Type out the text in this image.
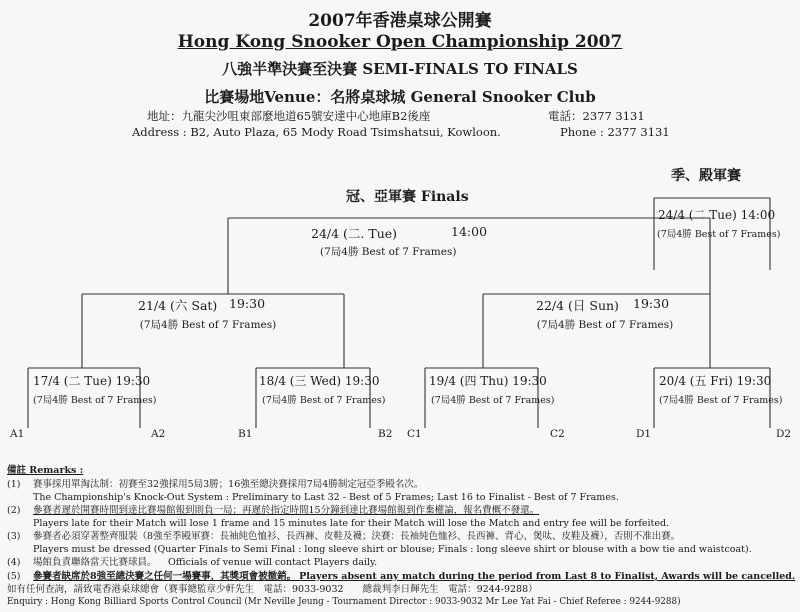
2007年香港桌球公開賽
Hong Kong Snooker Open Championship 2007
八強半準決賽至決賽 SEMI-FINALS TO FINALS
比賽場地Venue：名將桌球城 General Snooker Club
地址：九龍尖沙咀東部麼地道65號安達中心地庫B2後座	電話：2377 3131
Address : B2, Auto Plaza, 65 Mody Road Tsimshatsui, Kowloon.	Phone : 2377 3131
冠、亞軍賽 Finals
季、殿軍賽
24/4 (二. Tue)	14:00
(7局4勝 Best of 7 Frames)
24/4 (二 Tue) 14:00
(7局4勝 Best of 7 Frames)
21/4 (六 Sat) 19:30
(7局4勝 Best of 7 Frames)
22/4 (日 Sun) 19:30
(7局4勝 Best of 7 Frames)
17/4 (二 Tue) 19:30
(7局4勝 Best of 7 Frames)
18/4 (三 Wed) 19:30
(7局4勝 Best of 7 Frames)
19/4 (四 Thu) 19:30
(7局4勝 Best of 7 Frames)
20/4 (五 Fri) 19:30
(7局4勝 Best of 7 Frames)
A1	A2	B1	B2 C1	C2	D1	D2
備註 Remarks :
(1) 賽事採用單淘汰制：初賽至32強採用5局3勝；16強至總決賽採用7局4勝制定冠亞季殿名次。
The Championship's Knock-Out System : Preliminary to Last 32 - Best of 5 Frames; Last 16 to Finalist - Best of 7 Frames.
(2) 參賽者遲於開賽時間到達比賽場館報到則負一局；再遲於指定時間15分鐘到達比賽場館報到作棄權論，報名費概不發還。
Players late for their Match will lose 1 frame and 15 minutes late for their Match will lose the Match and entry fee will be forfeited.
(3) 參賽者必須穿著整齊服裝（8強至季殿軍賽：長袖純色恤衫、長西褲、皮鞋及襪；決賽：長袖純色恤衫、長西褲、背心、煲呔、皮鞋及襪），否則不准出賽。
Players must be dressed (Quarter Finals to Semi Final : long sleeve shirt or blouse; Finals : long sleeve shirt or blouse with a bow tie and waistcoat).
(4) 場館負責聯絡當天比賽球員。 Officials of venue will contact Players daily.
(5) 參賽者缺席於8強至總決賽之任何一場賽事，其獎項會被撤銷。 Players absent any match during the period from Last 8 to Finalist, Awards will be cancelled.
如有任何查詢，請致電香港桌球總會（賽事總監章少軒先生　電話：9033-9032　　總裁判李日輝先生　電話：9244-9288）
Enquiry : Hong Kong Billiard Sports Control Council (Mr Neville Jeung - Tournament Director : 9033-9032 Mr Lee Yat Fai - Chief Referee : 9244-9288)
